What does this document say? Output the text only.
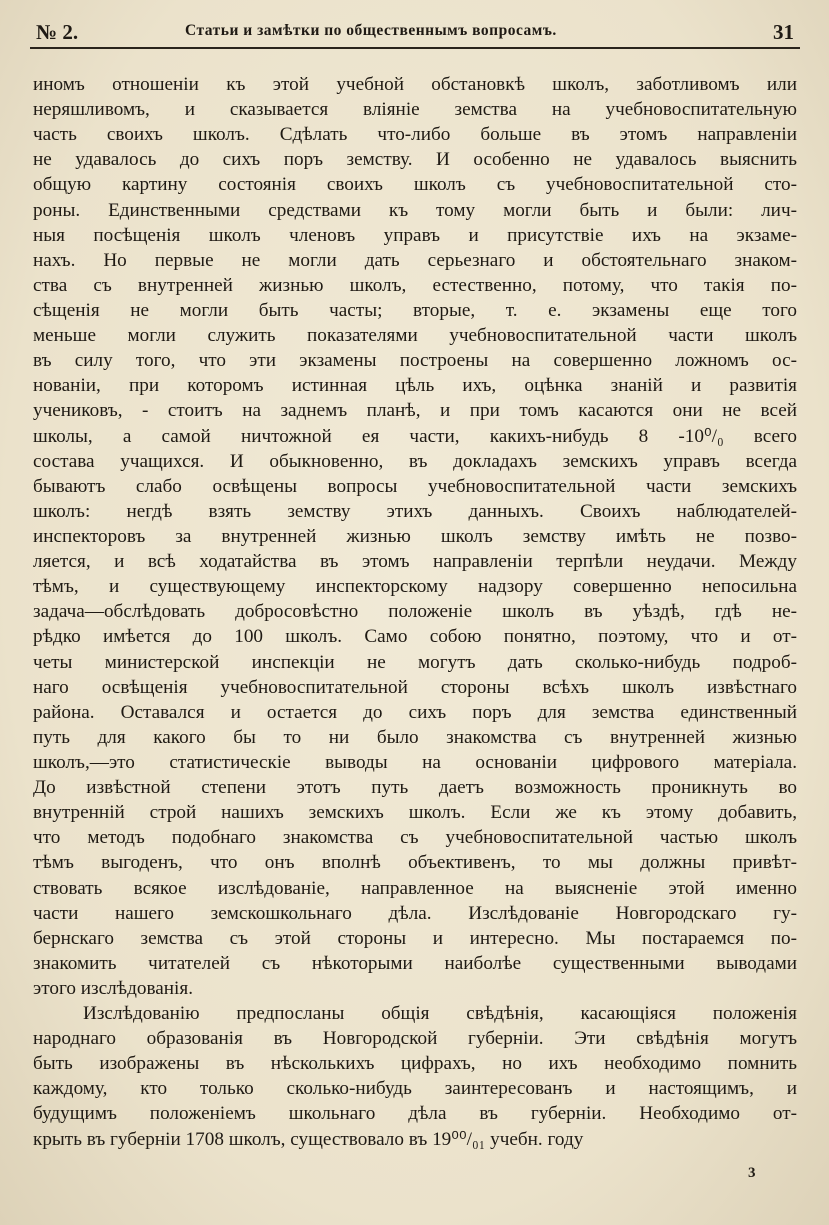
№ 2.	Статьи и замѣтки по общественнымъ вопросамъ.	31
иномъ отношеніи къ этой учебной обстановкѣ школъ, заботливомъ или
неряшливомъ, и сказывается вліяніе земства на учебновоспитательную
часть своихъ школъ. Сдѣлать что-либо больше въ этомъ направленіи
не удавалось до сихъ поръ земству. И особенно не удавалось выяснить
общую картину состоянія своихъ школъ съ учебновоспитательной сто-
роны. Единственными средствами къ тому могли быть и были: лич-
ныя посѣщенія школъ членовъ управъ и присутствіе ихъ на экзаме-
нахъ. Но первые не могли дать серьезнаго и обстоятельнаго знаком-
ства съ внутренней жизнью школъ, естественно, потому, что такія по-
сѣщенія не могли быть часты; вторые, т. е. экзамены еще того
меньше могли служить показателями учебновоспитательной части школъ
въ силу того, что эти экзамены построены на совершенно ложномъ ос-
нованіи, при которомъ истинная цѣль ихъ, оцѣнка знаній и развитія
учениковъ, - стоитъ на заднемъ планѣ, и при томъ касаются они не всей
школы, а самой ничтожной ея части, какихъ-нибудь 8 -10⁰/₀ всего
состава учащихся. И обыкновенно, въ докладахъ земскихъ управъ всегда
бываютъ слабо освѣщены вопросы учебновоспитательной части земскихъ
школъ: негдѣ взять земству этихъ данныхъ. Своихъ наблюдателей-
инспекторовъ за внутренней жизнью школъ земству имѣть не позво-
ляется, и всѣ ходатайства въ этомъ направленіи терпѣли неудачи. Между
тѣмъ, и существующему инспекторскому надзору совершенно непосильна
задача—обслѣдовать добросовѣстно положеніе школъ въ уѣздѣ, гдѣ не-
рѣдко имѣется до 100 школъ. Само собою понятно, поэтому, что и от-
четы министерской инспекціи не могутъ дать сколько-нибудь подроб-
наго освѣщенія учебновоспитательной стороны всѣхъ школъ извѣстнаго
района. Оставался и остается до сихъ поръ для земства единственный
путь для какого бы то ни было знакомства съ внутренней жизнью
школъ,—это статистическіе выводы на основаніи цифрового матеріала.
До извѣстной степени этотъ путь даетъ возможность проникнуть во
внутренній строй нашихъ земскихъ школъ. Если же къ этому добавить,
что методъ подобнаго знакомства съ учебновоспитательной частью школъ
тѣмъ выгоденъ, что онъ вполнѣ объективенъ, то мы должны привѣт-
ствовать всякое изслѣдованіе, направленное на выясненіе этой именно
части нашего земскошкольнаго дѣла. Изслѣдованіе Новгородскаго гу-
бернскаго земства съ этой стороны и интересно. Мы постараемся по-
знакомить читателей съ нѣкоторыми наиболѣе существенными выводами
этого изслѣдованія.
Изслѣдованію предпосланы общія свѣдѣнія, касающіяся положенія
народнаго образованія въ Новгородской губерніи. Эти свѣдѣнія могутъ
быть изображены въ нѣсколькихъ цифрахъ, но ихъ необходимо помнить
каждому, кто только сколько-нибудь заинтересованъ и настоящимъ, и
будущимъ положеніемъ школьнаго дѣла въ губерніи. Необходимо от-
крыть въ губерніи 1708 школъ, существовало въ 19⁰⁰/₀₁ учебн. году
3
